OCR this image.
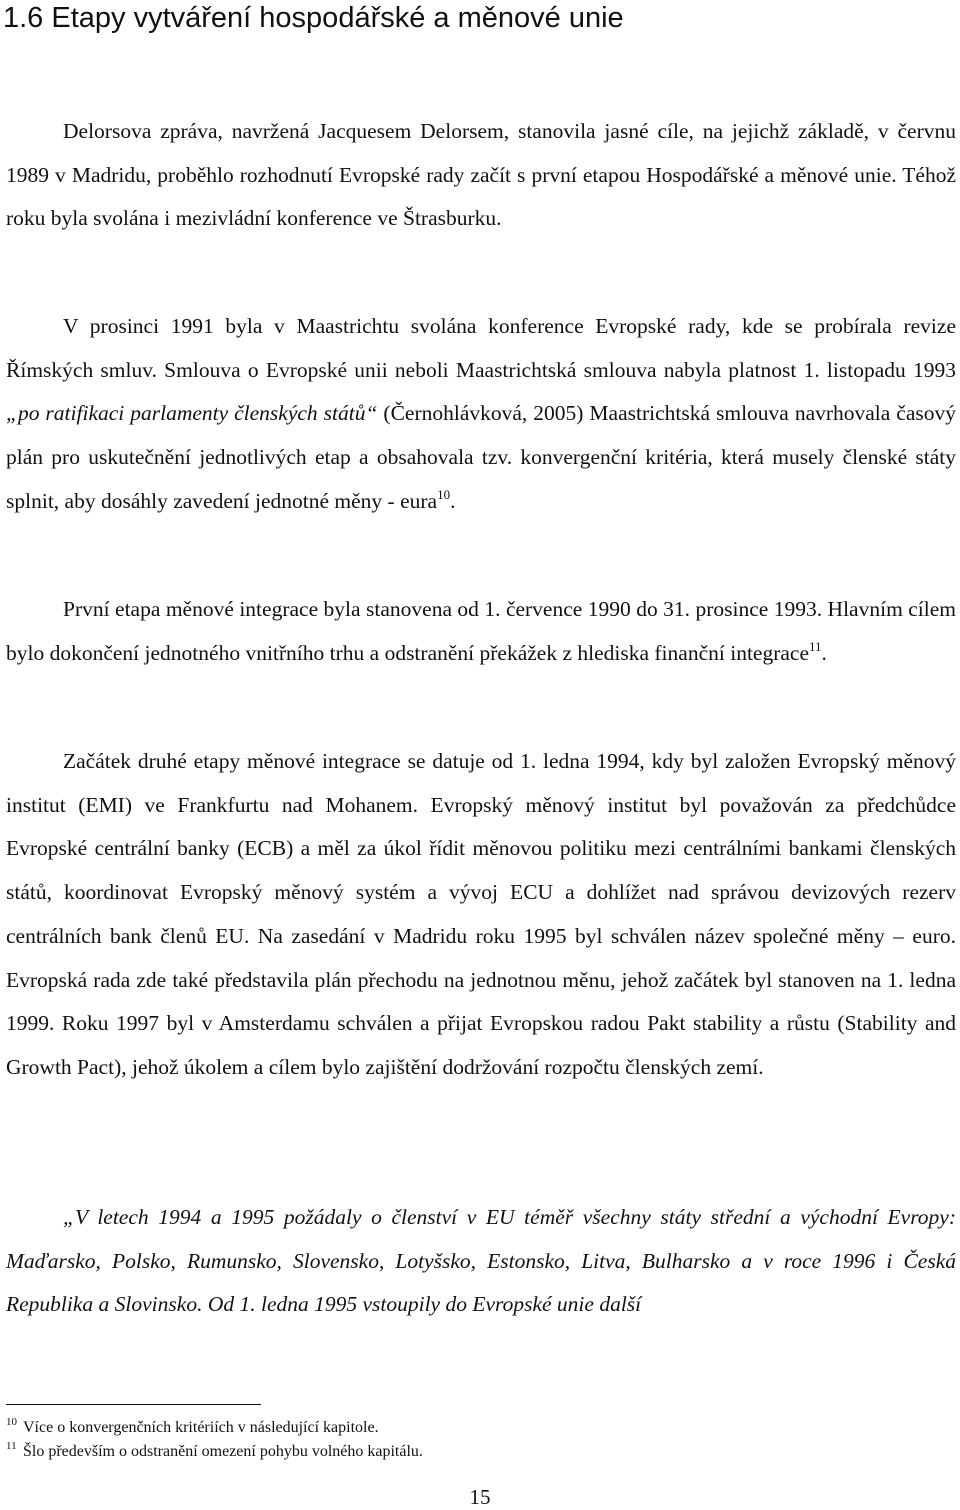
1.6 Etapy vytváření hospodářské a měnové unie

Delorsova zpráva, navržená Jacquesem Delorsem, stanovila jasné cíle, na jejichž základě, v červnu 1989 v Madridu, proběhlo rozhodnutí Evropské rady začít s první etapou Hospodářské a měnové unie. Téhož roku byla svolána i mezivládní konference ve Štrasburku.

V prosinci 1991 byla v Maastrichtu svolána konference Evropské rady, kde se probírala revize Římských smluv. Smlouva o Evropské unii neboli Maastrichtská smlouva nabyla platnost 1. listopadu 1993 „po ratifikaci parlamenty členských států“ (Černohlávková, 2005) Maastrichtská smlouva navrhovala časový plán pro uskutečnění jednotlivých etap a obsahovala tzv. konvergenční kritéria, která musely členské státy splnit, aby dosáhly zavedení jednotné měny - eura$^{10}$.

První etapa měnové integrace byla stanovena od 1. července 1990 do 31. prosince 1993. Hlavním cílem bylo dokončení jednotného vnitřního trhu a odstranění překážek z hlediska finanční integrace$^{11}$.

Začátek druhé etapy měnové integrace se datuje od 1. ledna 1994, kdy byl založen Evropský měnový institut (EMI) ve Frankfurtu nad Mohanem. Evropský měnový institut byl považován za předchůdce Evropské centrální banky (ECB) a měl za úkol řídit měnovou politiku mezi centrálními bankami členských států, koordinovat Evropský měnový systém a vývoj ECU a dohlížet nad správou devizových rezerv centrálních bank členů EU. Na zasedání v Madridu roku 1995 byl schválen název společné měny – euro. Evropská rada zde také představila plán přechodu na jednotnou měnu, jehož začátek byl stanoven na 1. ledna 1999. Roku 1997 byl v Amsterdamu schválen a přijat Evropskou radou Pakt stability a růstu (Stability and Growth Pact), jehož úkolem a cílem bylo zajištění dodržování rozpočtu členských zemí.

„V letech 1994 a 1995 požádaly o členství v EU téměř všechny státy střední a východní Evropy: Maďarsko, Polsko, Rumunsko, Slovensko, Lotyšsko, Estonsko, Litva, Bulharsko a v roce 1996 i Česká Republika a Slovinsko. Od 1. ledna 1995 vstoupily do Evropské unie další

$^{10}$ Více o konvergenčních kritériích v následující kapitole.

$^{11}$ Šlo především o odstranění omezení pohybu volného kapitálu.

15
